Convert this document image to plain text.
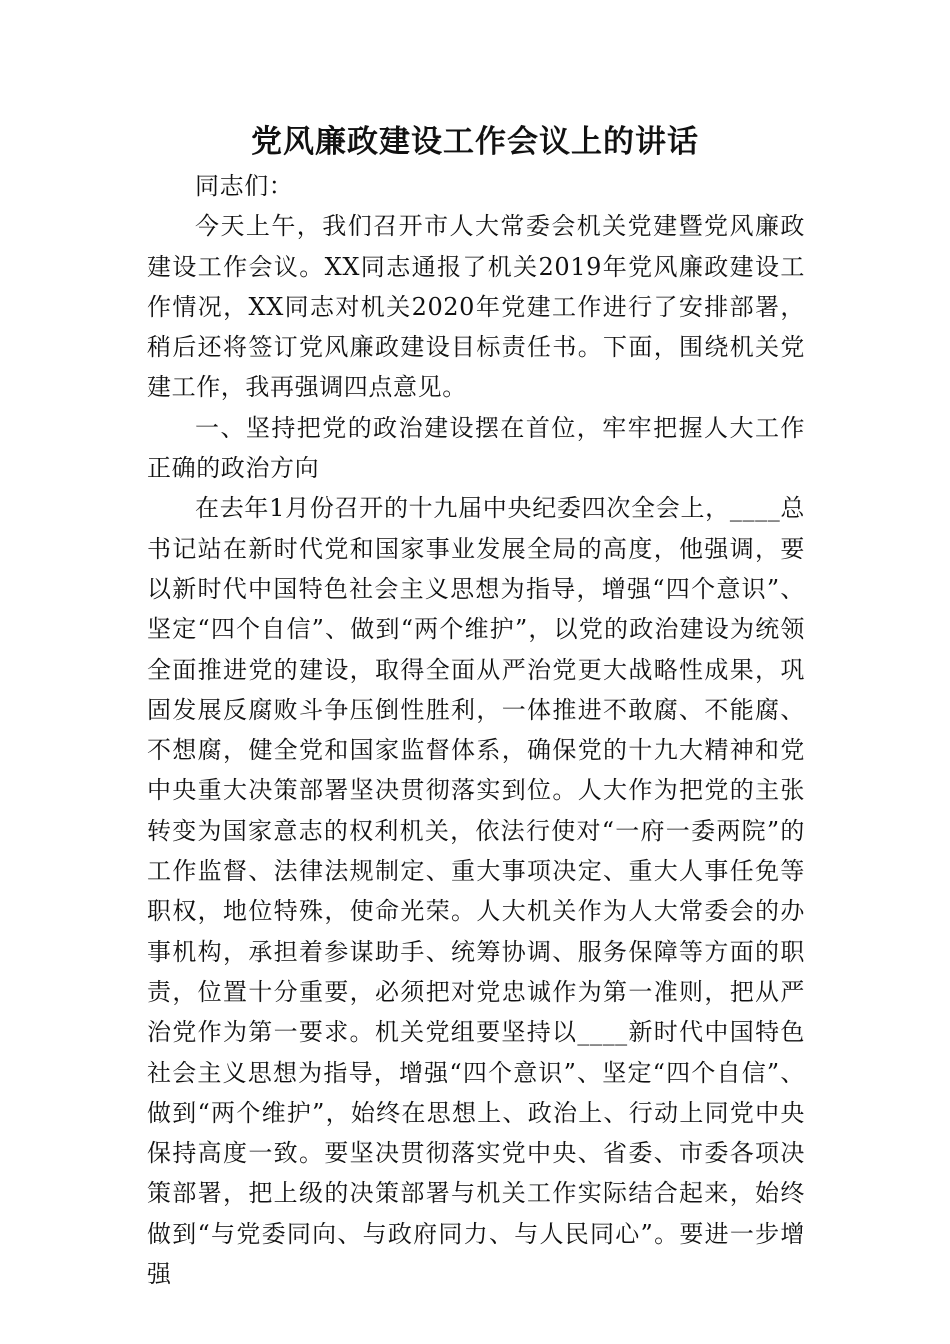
党风廉政建设工作会议上的讲话

同志们：

今天上午，我们召开市人大常委会机关党建暨党风廉政建设工作会议。XX同志通报了机关2019年党风廉政建设工作情况，XX同志对机关2020年党建工作进行了安排部署，稍后还将签订党风廉政建设目标责任书。下面，围绕机关党建工作，我再强调四点意见。

一、坚持把党的政治建设摆在首位，牢牢把握人大工作正确的政治方向

在去年1月份召开的十九届中央纪委四次全会上，____总书记站在新时代党和国家事业发展全局的高度，他强调，要以新时代中国特色社会主义思想为指导，增强“四个意识”、坚定“四个自信”、做到“两个维护”，以党的政治建设为统领全面推进党的建设，取得全面从严治党更大战略性成果，巩固发展反腐败斗争压倒性胜利，一体推进不敢腐、不能腐、不想腐，健全党和国家监督体系，确保党的十九大精神和党中央重大决策部署坚决贯彻落实到位。人大作为把党的主张转变为国家意志的权利机关，依法行使对“一府一委两院”的工作监督、法律法规制定、重大事项决定、重大人事任免等职权，地位特殊，使命光荣。人大机关作为人大常委会的办事机构，承担着参谋助手、统筹协调、服务保障等方面的职责，位置十分重要，必须把对党忠诚作为第一准则，把从严治党作为第一要求。机关党组要坚持以____新时代中国特色社会主义思想为指导，增强“四个意识”、坚定“四个自信”、做到“两个维护”，始终在思想上、政治上、行动上同党中央保持高度一致。要坚决贯彻落实党中央、省委、市委各项决策部署，把上级的决策部署与机关工作实际结合起来，始终做到“与党委同向、与政府同力、与人民同心”。要进一步增强
